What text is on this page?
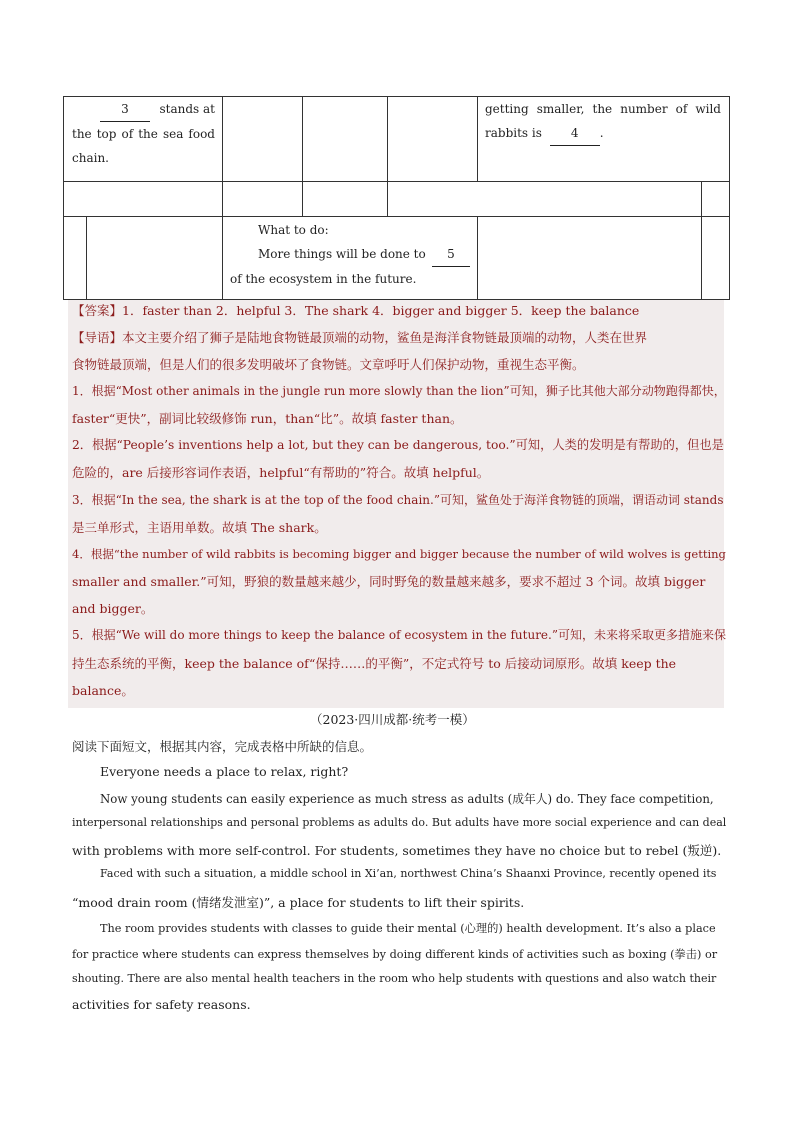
3	stands at
the top of the sea food
chain.
getting smaller, the number of wild
rabbits is 4 .
What to do:
More things will be done to	5
of the ecosystem in the future.
【答案】1．faster than 2．helpful 3．The shark 4．bigger and bigger 5．keep the balance
【导语】本文主要介绍了狮子是陆地食物链最顶端的动物，鲨鱼是海洋食物链最顶端的动物，人类在世界
食物链最顶端，但是人们的很多发明破坏了食物链。文章呼吁人们保护动物，重视生态平衡。
1．根据“Most other animals in the jungle run more slowly than the lion”可知，狮子比其他大部分动物跑得都快，
faster“更快”，副词比较级修饰 run，than“比”。故填 faster than。
2．根据“People’s inventions help a lot, but they can be dangerous, too.”可知，人类的发明是有帮助的，但也是
危险的，are 后接形容词作表语，helpful“有帮助的”符合。故填 helpful。
3．根据“In the sea, the shark is at the top of the food chain.”可知，鲨鱼处于海洋食物链的顶端，谓语动词 stands
是三单形式，主语用单数。故填 The shark。
4．根据“the number of wild rabbits is becoming bigger and bigger because the number of wild wolves is getting
smaller and smaller.”可知，野狼的数量越来越少，同时野兔的数量越来越多，要求不超过 3 个词。故填 bigger
and bigger。
5．根据“We will do more things to keep the balance of ecosystem in the future.”可知，未来将采取更多措施来保
持生态系统的平衡，keep the balance of“保持……的平衡”，不定式符号 to 后接动词原形。故填 keep the
balance。
（2023·四川成都·统考一模）
阅读下面短文，根据其内容，完成表格中所缺的信息。
Everyone needs a place to relax, right?
Now young students can easily experience as much stress as adults (成年人) do. They face competition,
interpersonal relationships and personal problems as adults do. But adults have more social experience and can deal
with problems with more self-control. For students, sometimes they have no choice but to rebel (叛逆).
Faced with such a situation, a middle school in Xi’an, northwest China’s Shaanxi Province, recently opened its
“mood drain room (情绪发泄室)”, a place for students to lift their spirits.
The room provides students with classes to guide their mental (心理的) health development. It’s also a place
for practice where students can express themselves by doing different kinds of activities such as boxing (拳击) or
shouting. There are also mental health teachers in the room who help students with questions and also watch their
activities for safety reasons.
